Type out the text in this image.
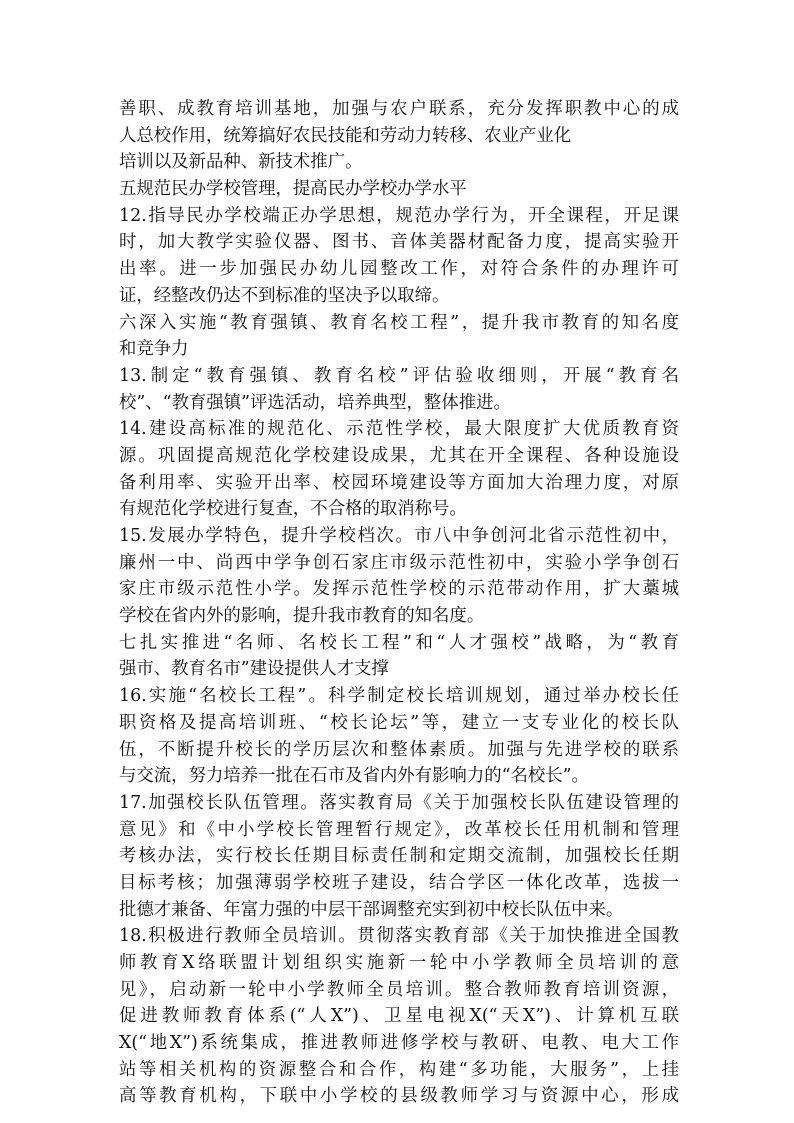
善职、成教育培训基地，加强与农户联系，充分发挥职教中心的成
人总校作用，统筹搞好农民技能和劳动力转移、农业产业化
培训以及新品种、新技术推广。
五规范民办学校管理，提高民办学校办学水平
12.指导民办学校端正办学思想，规范办学行为，开全课程，开足课
时，加大教学实验仪器、图书、音体美器材配备力度，提高实验开
出率。进一步加强民办幼儿园整改工作，对符合条件的办理许可
证，经整改仍达不到标准的坚决予以取缔。
六深入实施“教育强镇、教育名校工程”，提升我市教育的知名度
和竞争力
13.制定“教育强镇、教育名校”评估验收细则，开展“教育名
校”、“教育强镇”评选活动，培养典型，整体推进。
14.建设高标准的规范化、示范性学校，最大限度扩大优质教育资
源。巩固提高规范化学校建设成果，尤其在开全课程、各种设施设
备利用率、实验开出率、校园环境建设等方面加大治理力度，对原
有规范化学校进行复查，不合格的取消称号。
15.发展办学特色，提升学校档次。市八中争创河北省示范性初中，
廉州一中、尚西中学争创石家庄市级示范性初中，实验小学争创石
家庄市级示范性小学。发挥示范性学校的示范带动作用，扩大藁城
学校在省内外的影响，提升我市教育的知名度。
七扎实推进“名师、名校长工程”和“人才强校”战略，为“教育
强市、教育名市”建设提供人才支撑
16.实施“名校长工程”。科学制定校长培训规划，通过举办校长任
职资格及提高培训班、“校长论坛”等，建立一支专业化的校长队
伍，不断提升校长的学历层次和整体素质。加强与先进学校的联系
与交流，努力培养一批在石市及省内外有影响力的“名校长”。
17.加强校长队伍管理。落实教育局《关于加强校长队伍建设管理的
意见》和《中小学校长管理暂行规定》，改革校长任用机制和管理
考核办法，实行校长任期目标责任制和定期交流制，加强校长任期
目标考核；加强薄弱学校班子建设，结合学区一体化改革，选拔一
批德才兼备、年富力强的中层干部调整充实到初中校长队伍中来。
18.积极进行教师全员培训。贯彻落实教育部《关于加快推进全国教
师教育X络联盟计划组织实施新一轮中小学教师全员培训的意
见》，启动新一轮中小学教师全员培训。整合教师教育培训资源，
促进教师教育体系(“人X”)、卫星电视X(“天X”)、计算机互联
X(“地X”)系统集成，推进教师进修学校与教研、电教、电大工作
站等相关机构的资源整合和合作，构建“多功能，大服务”，上挂
高等教育机构，下联中小学校的县级教师学习与资源中心，形成
